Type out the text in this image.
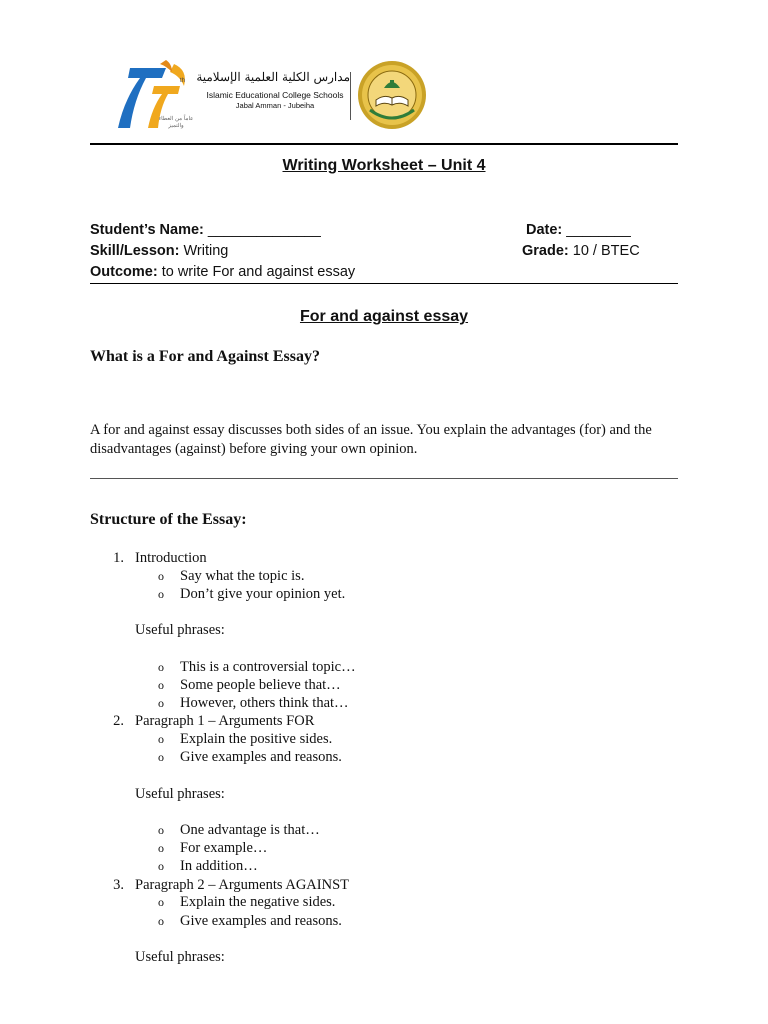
th
عاماً من العطاء والتميز
مدارس الكلية العلمية الإسلامية
Islamic Educational College Schools
Jabal Amman - Jubeiha
Writing Worksheet – Unit 4
Student’s Name: ______________	Date: ________
Skill/Lesson: Writing	Grade: 10 / BTEC
Outcome: to write For and against essay
For and against essay
What is a For and Against Essay?
A for and against essay discusses both sides of an issue. You explain the advantages (for) and the disadvantages (against) before giving your own opinion.
Structure of the Essay:
1. Introduction
o Say what the topic is.
o Don’t give your opinion yet.
Useful phrases:
o This is a controversial topic…
o Some people believe that…
o However, others think that…
2. Paragraph 1 – Arguments FOR
o Explain the positive sides.
o Give examples and reasons.
Useful phrases:
o One advantage is that…
o For example…
o In addition…
3. Paragraph 2 – Arguments AGAINST
o Explain the negative sides.
o Give examples and reasons.
Useful phrases:
